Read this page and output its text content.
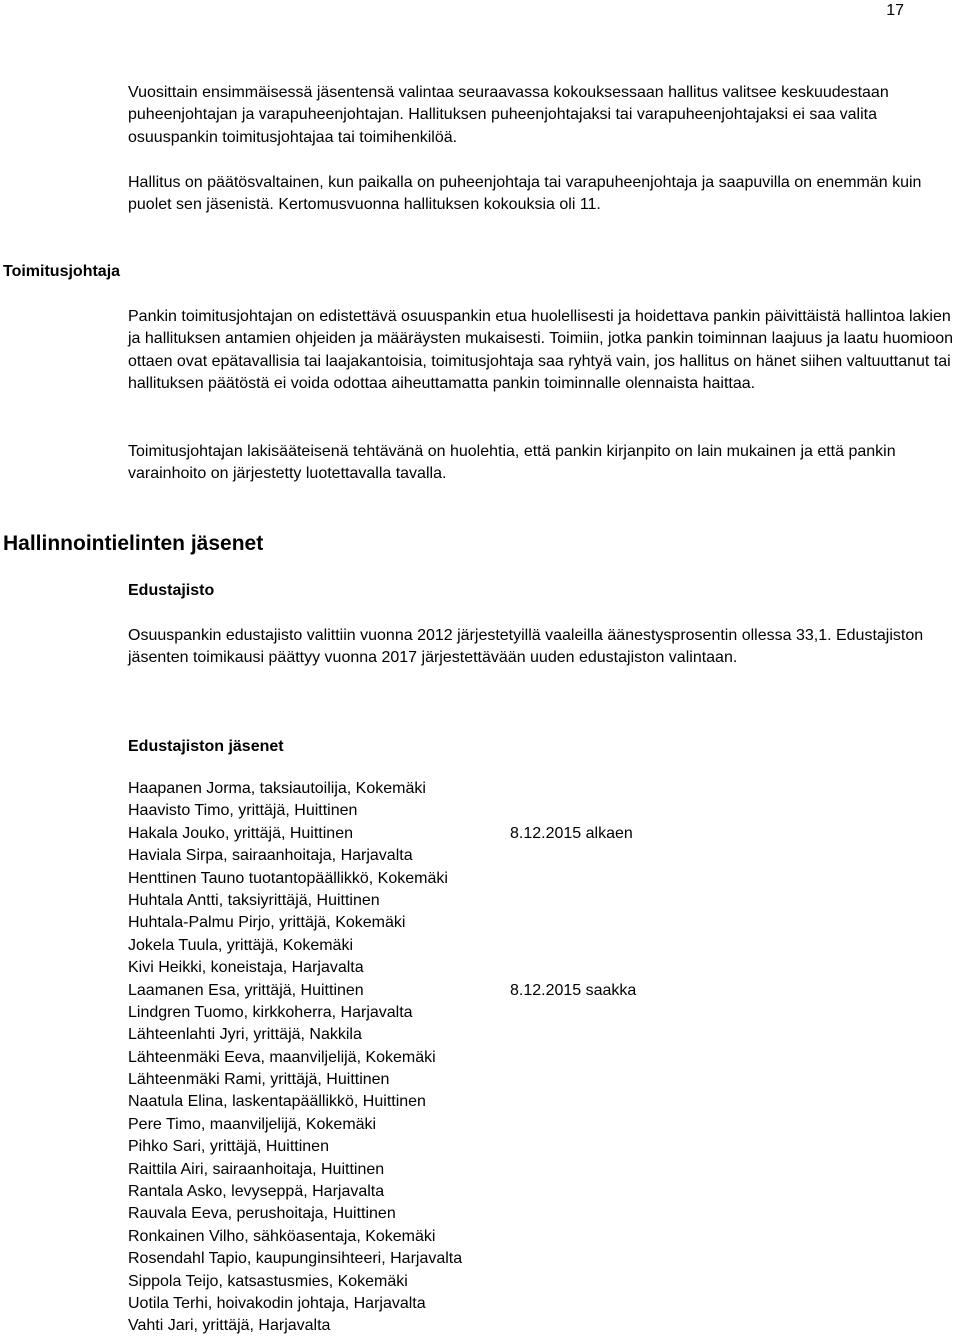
17

Vuosittain ensimmäisessä jäsentensä valintaa seuraavassa kokouksessaan hallitus valitsee keskuudestaan puheenjohtajan ja varapuheenjohtajan. Hallituksen puheenjohtajaksi tai varapuheenjohtajaksi ei saa valita osuuspankin toimitusjohtajaa tai toimihenkilöä.

Hallitus on päätösvaltainen, kun paikalla on puheenjohtaja tai varapuheenjohtaja ja saapuvilla on enemmän kuin puolet sen jäsenistä. Kertomusvuonna hallituksen kokouksia oli 11.

Toimitusjohtaja

Pankin toimitusjohtajan on edistettävä osuuspankin etua huolellisesti ja hoidettava pankin päivittäistä hallintoa lakien ja hallituksen antamien ohjeiden ja määräysten mukaisesti. Toimiin, jotka pankin toiminnan laajuus ja laatu huomioon ottaen ovat epätavallisia tai laajakantoisia, toimitusjohtaja saa ryhtyä vain, jos hallitus on hänet siihen valtuuttanut tai hallituksen päätöstä ei voida odottaa aiheuttamatta pankin toiminnalle olennaista haittaa.

Toimitusjohtajan lakisääteisenä tehtävänä on huolehtia, että pankin kirjanpito on lain mukainen ja että pankin varainhoito on järjestetty luotettavalla tavalla.

Hallinnointielinten jäsenet
Edustajisto

Osuuspankin edustajisto valittiin vuonna 2012 järjestetyillä vaaleilla äänestysprosentin ollessa 33,1. Edustajiston jäsenten toimikausi päättyy vuonna 2017 järjestettävään uuden edustajiston valintaan.

Edustajiston jäsenet
Haapanen Jorma, taksiautoilija, Kokemäki
Haavisto Timo, yrittäjä, Huittinen
Hakala Jouko, yrittäjä, Huittinen	8.12.2015 alkaen
Haviala Sirpa, sairaanhoitaja, Harjavalta
Henttinen Tauno tuotantopäällikkö, Kokemäki
Huhtala Antti, taksiyrittäjä, Huittinen
Huhtala-Palmu Pirjo, yrittäjä, Kokemäki
Jokela Tuula, yrittäjä, Kokemäki
Kivi Heikki, koneistaja, Harjavalta
Laamanen Esa, yrittäjä, Huittinen	8.12.2015 saakka
Lindgren Tuomo, kirkkoherra, Harjavalta
Lähteenlahti Jyri, yrittäjä, Nakkila
Lähteenmäki Eeva, maanviljelijä, Kokemäki
Lähteenmäki Rami, yrittäjä, Huittinen
Naatula Elina, laskentapäällikkö, Huittinen
Pere Timo, maanviljelijä, Kokemäki
Pihko Sari, yrittäjä, Huittinen
Raittila Airi, sairaanhoitaja, Huittinen
Rantala Asko, levyseppä, Harjavalta
Rauvala Eeva, perushoitaja, Huittinen
Ronkainen Vilho, sähköasentaja, Kokemäki
Rosendahl Tapio, kaupunginsihteeri, Harjavalta
Sippola Teijo, katsastusmies, Kokemäki
Uotila Terhi, hoivakodin johtaja, Harjavalta
Vahti Jari, yrittäjä, Harjavalta
